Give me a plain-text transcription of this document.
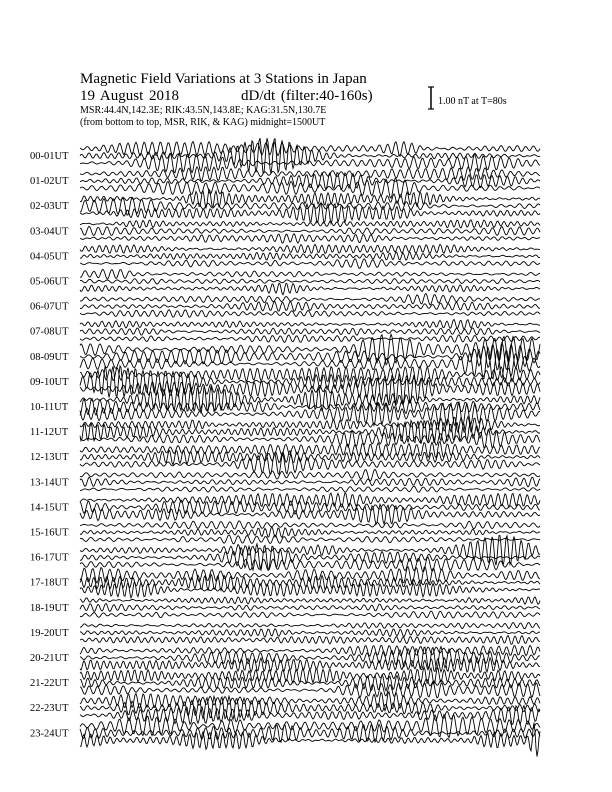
Magnetic Field Variations at 3 Stations in Japan
19 August 2018	dD/dt (filter:40-160s)
MSR:44.4N,142.3E; RIK:43.5N,143.8E; KAG:31.5N,130.7E
(from bottom to top, MSR, RIK, & KAG) midnight=1500UT
1.00 nT at T=80s
00-01UT
01-02UT
02-03UT
03-04UT
04-05UT
05-06UT
06-07UT
07-08UT
08-09UT
09-10UT
10-11UT
11-12UT
12-13UT
13-14UT
14-15UT
15-16UT
16-17UT
17-18UT
18-19UT
19-20UT
20-21UT
21-22UT
22-23UT
23-24UT
